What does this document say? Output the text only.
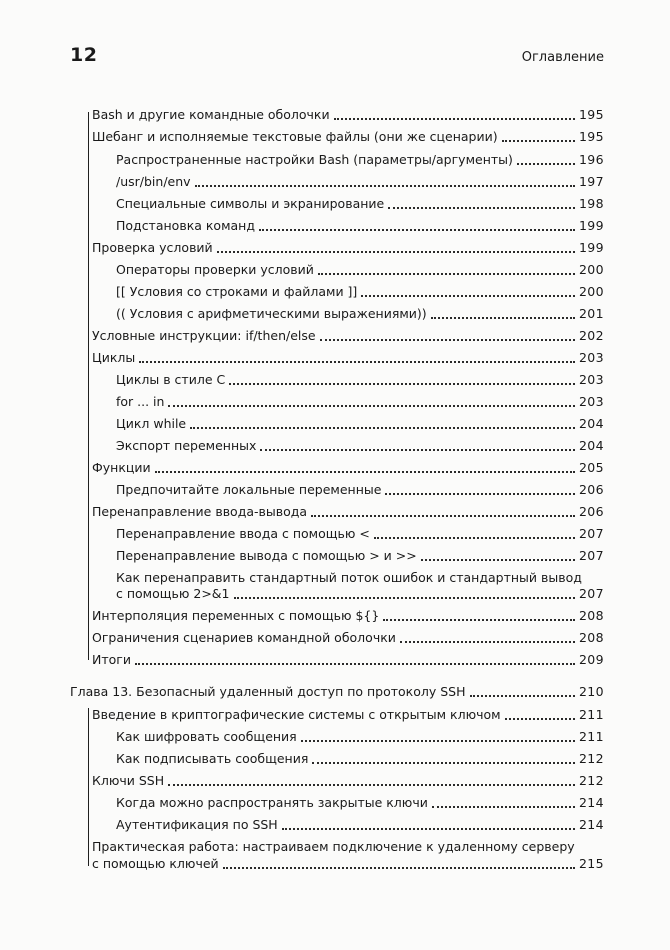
12	Оглавление
Bash и другие командные оболочки	195
Шебанг и исполняемые текстовые файлы (они же сценарии)	195
Распространенные настройки Bash (параметры/аргументы)	196
/usr/bin/env	197
Специальные символы и экранирование	198
Подстановка команд	199
Проверка условий	199
Операторы проверки условий	200
[[ Условия со строками и файлами ]]	200
(( Условия с арифметическими выражениями))	201
Условные инструкции: if/then/else	202
Циклы	203
Циклы в стиле С	203
for ... in	203
Цикл while	204
Экспорт переменных	204
Функции	205
Предпочитайте локальные переменные	206
Перенаправление ввода-вывода	206
Перенаправление ввода с помощью <	207
Перенаправление вывода с помощью > и >>	207
Как перенаправить стандартный поток ошибок и стандартный вывод
с помощью 2>&1	207
Интерполяция переменных с помощью ${}	208
Ограничения сценариев командной оболочки	208
Итоги	209
Глава 13. Безопасный удаленный доступ по протоколу SSH	210
Введение в криптографические системы с открытым ключом	211
Как шифровать сообщения	211
Как подписывать сообщения	212
Ключи SSH	212
Когда можно распространять закрытые ключи	214
Аутентификация по SSH	214
Практическая работа: настраиваем подключение к удаленному серверу
с помощью ключей	215
